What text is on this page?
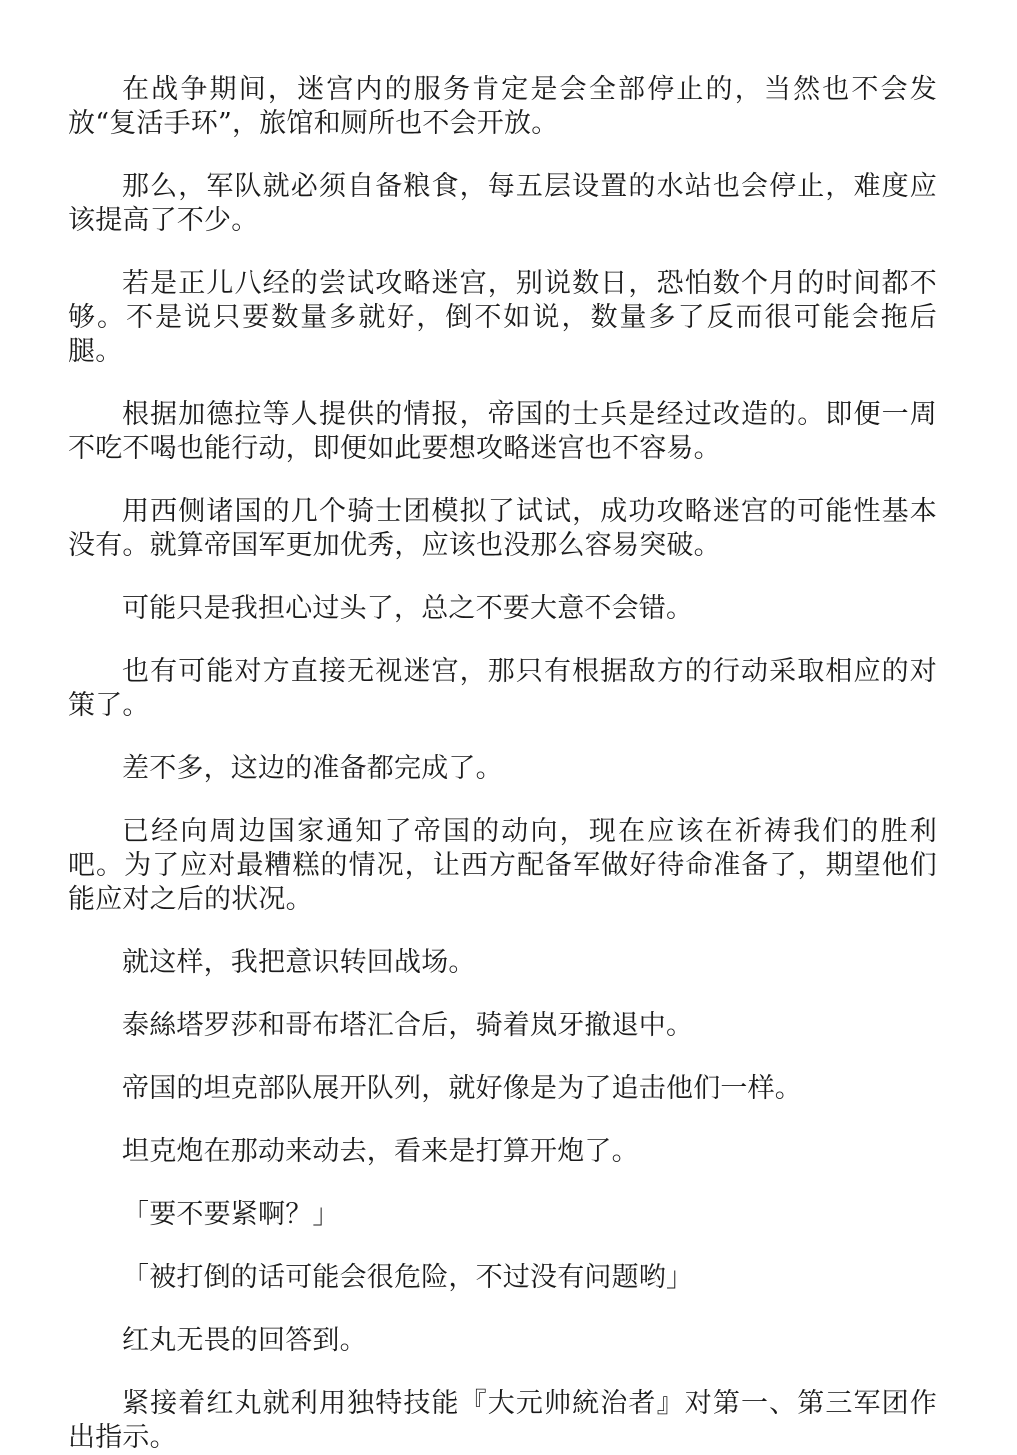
在战争期间，迷宫内的服务肯定是会全部停止的，当然也不会发放“复活手环”，旅馆和厕所也不会开放。

那么，军队就必须自备粮食，每五层设置的水站也会停止，难度应该提高了不少。

若是正儿八经的尝试攻略迷宫，别说数日，恐怕数个月的时间都不够。不是说只要数量多就好，倒不如说，数量多了反而很可能会拖后腿。

根据加德拉等人提供的情报，帝国的士兵是经过改造的。即便一周不吃不喝也能行动，即便如此要想攻略迷宫也不容易。

用西侧诸国的几个骑士团模拟了试试，成功攻略迷宫的可能性基本没有。就算帝国军更加优秀，应该也没那么容易突破。

可能只是我担心过头了，总之不要大意不会错。

也有可能对方直接无视迷宫，那只有根据敌方的行动采取相应的对策了。

差不多，这边的准备都完成了。

已经向周边国家通知了帝国的动向，现在应该在祈祷我们的胜利吧。为了应对最糟糕的情况，让西方配备军做好待命准备了，期望他们能应对之后的状况。

就这样，我把意识转回战场。

泰絲塔罗莎和哥布塔汇合后，骑着岚牙撤退中。

帝国的坦克部队展开队列，就好像是为了追击他们一样。

坦克炮在那动来动去，看来是打算开炮了。

「要不要紧啊？」

「被打倒的话可能会很危险，不过没有问题哟」

红丸无畏的回答到。

紧接着红丸就利用独特技能『大元帅統治者』对第一、第三军团作出指示。
